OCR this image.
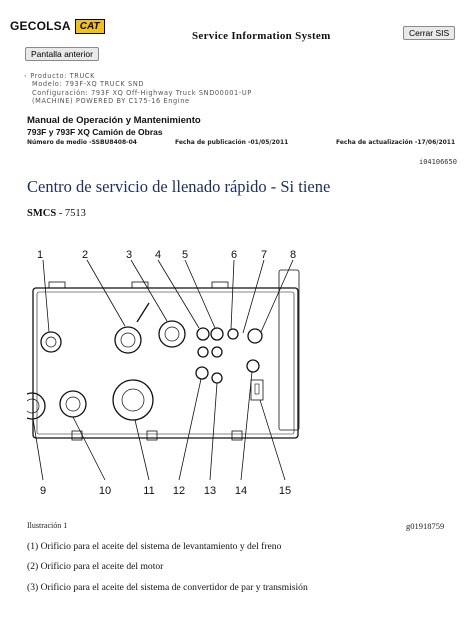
GECOLSA CAT
Service Information System	Cerrar SIS
Pantalla anterior
‹ Producto: TRUCK
Modelo: 793F-XQ TRUCK SND
Configuración: 793F XQ Off-Highway Truck SND00001-UP
(MACHINE) POWERED BY C175-16 Engine
Manual de Operación y Mantenimiento
793F y 793F XQ Camión de Obras
Número de medio -SSBU8408-04	Fecha de publicación -01/05/2011	Fecha de actualización -17/06/2011
i04106650
Centro de servicio de llenado rápido - Si tiene
SMCS - 7513
1	2	3 4 5	6 7 8
9	10	11 12 13 14	15
Ilustración 1	g01918759
(1) Orificio para el aceite del sistema de levantamiento y del freno
(2) Orificio para el aceite del motor
(3) Orificio para el aceite del sistema de convertidor de par y transmisión
